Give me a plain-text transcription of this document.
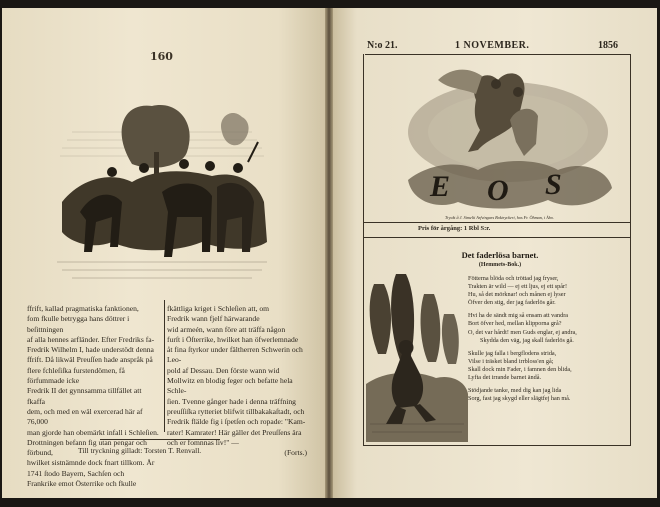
160
ffrift, kallad pragmatiska fanktionen,
fom fkulle betrygga hans döttrer i beſittningen
af alla hennes arfländer. Efter Fredriks fa-
Fredrik Wilhelm I, hade understödt denna
ffrift. Då likwäl Preuſſen hade anspråk på
flere fchleſiſka furstendömen, få förfummade icke
Fredrik II det gynnsamma tillfället att fkaffa
dem, och med en wäl exercerad här af 76,000
man gjorde han obemärkt infall i Schleſien.
Drottningen befann fig utan pengar och förbund,
hwilket sistnämnde dock fnart tillkom. År
1741 ſtodo Bayern, Sachſen och
Frankrike emot Österrike och fkulle
fkättliga kriget i Schleſien att, om
Fredrik wann fjelf härwarande
wid armeén, wann före att träffa någon
furſt i Öſterrike, hwilket han öfwerlemnade
åt fina ſtyrkor under fältherren Schwerin och Leo-
pold af Dessau. Den förste wann wid
Mollwitz en blodig feger och befatte hela Schle-
ſien. Tvenne gånger hade i denna träffning
preuſſiſka rytteriet blifwit tillbakakaſtadt, och
Fredrik flälde fig i ſpetſen och ropade: "Kam-
rater! Kamrater! Här gäller det Preuſſens ära
och er fomnnas liv!" —
(Forts.)
Till tryckning gilladt: Torsten T. Renvall.
N:o 21.	1 NOVEMBER.	1856
E O S
Tryckt å J. Simelii Arfvingars Boktryckeri, hos Fr. Öhman, i Åbo.
Pris för årgång: 1 Rbl S:r.
Det faderlösa barnet.
(Hemmets-Bok.)
Fötterna blöda och tröttad jag fryser,
Trakten är wild — ej ett ljus, ej ett spår!
Hu, så det mörknar! och månen ej lyser
Öfver den stig, der jag faderlös går.
Hvi ha de sändt mig så ensam att vandra
Bort öfver hed, mellan klipporna grå?
O, det var hårdt! men Guds englar, ej andra,
Skydda den väg, jag skall faderlös gå.
Skulle jag falla i bergflodens strida,
Vilse i träsket bland irrbloss'en gå;
Skall dock min Fader, i famnen den blida,
Lyfta det irrande barnet ändå.
Stödjande tanke, med dig kan jag lida
Sorg, fast jag skygd eller slägtfej han må.
